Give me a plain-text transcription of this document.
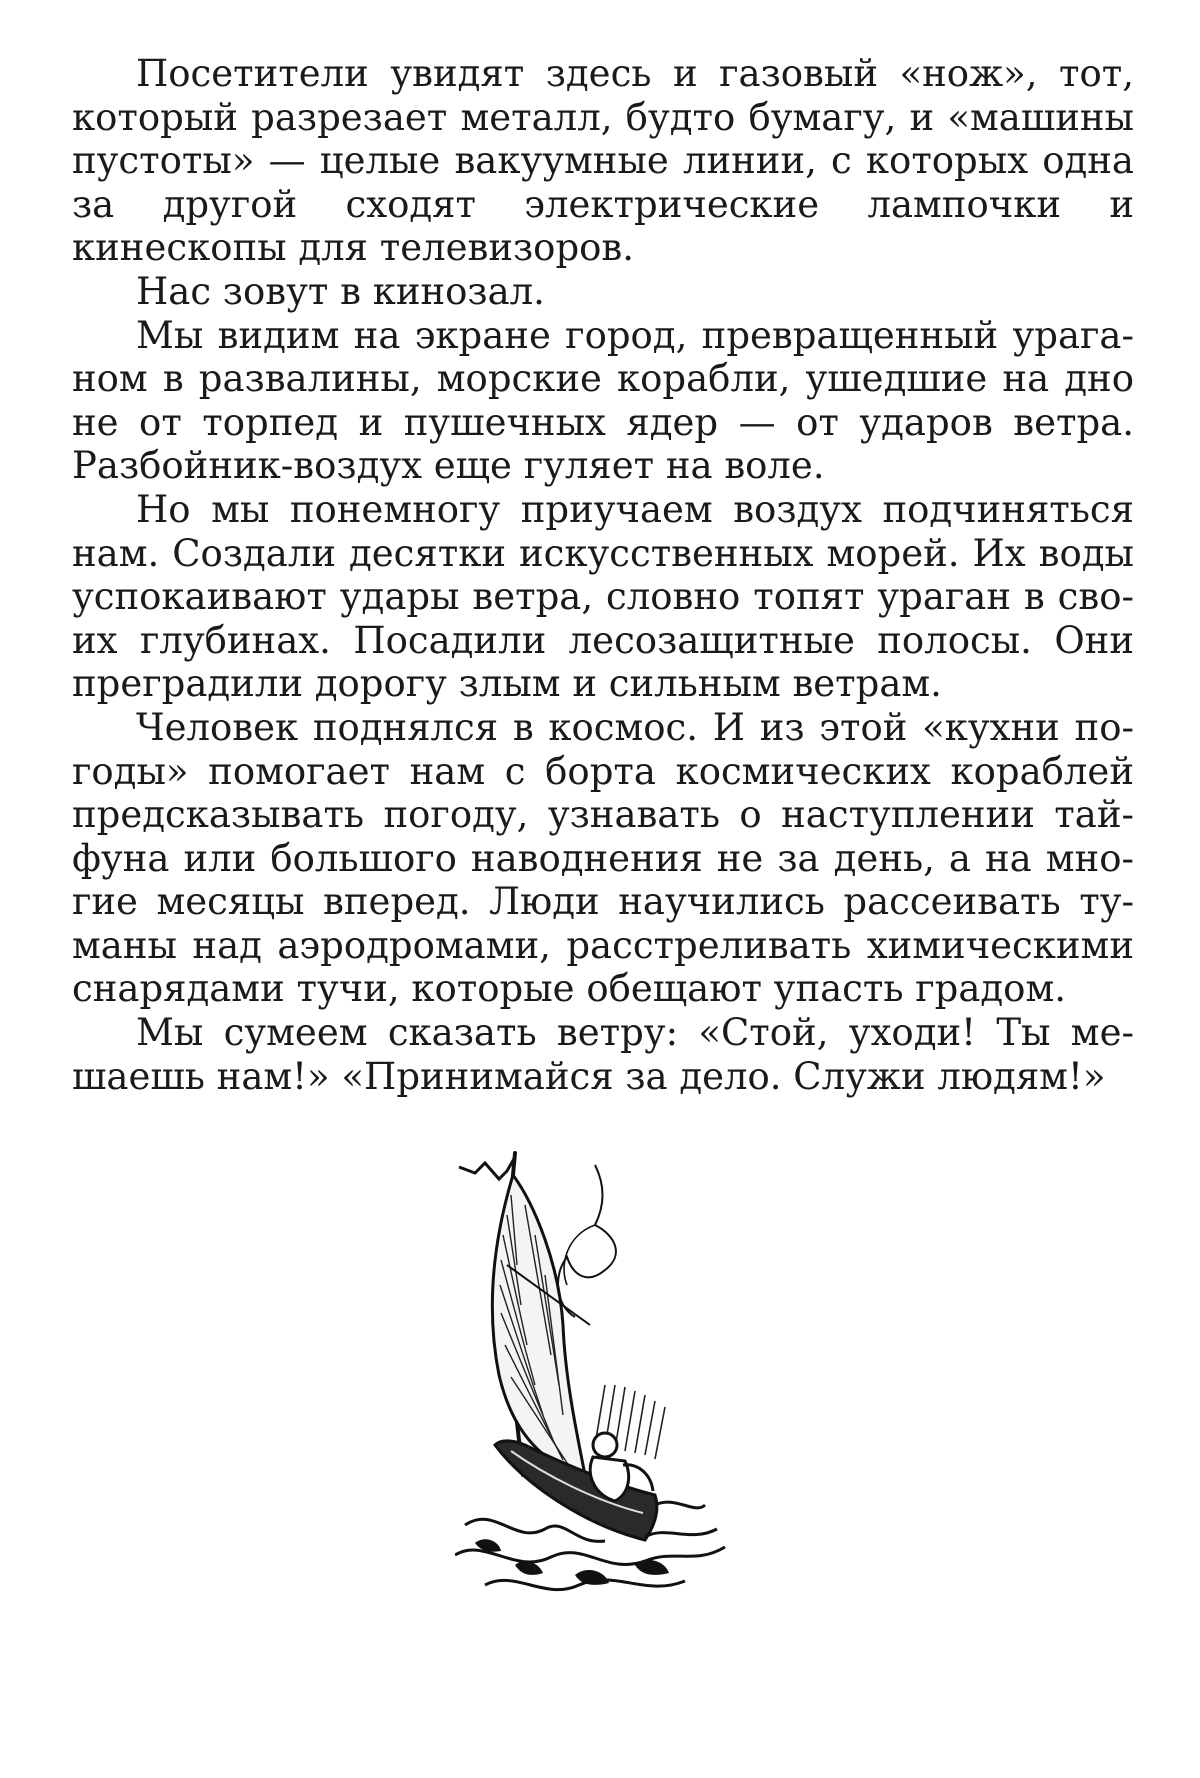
Посетители увидят здесь и газовый «нож», тот, который разрезает металл, будто бумагу, и «машины пустоты» — целые вакуумные линии, с которых одна за другой сходят электрические лампочки и кинескопы для телевизоров.

Нас зовут в кинозал.

Мы видим на экране город, превращенный ураганом в развалины, морские корабли, ушедшие на дно не от торпед и пушечных ядер — от ударов ветра. Разбойник-воздух еще гуляет на воле.

Но мы понемногу приучаем воздух подчиняться нам. Создали десятки искусственных морей. Их воды успокаивают удары ветра, словно топят ураган в своих глубинах. Посадили лесозащитные полосы. Они преградили дорогу злым и сильным ветрам.

Человек поднялся в космос. И из этой «кухни погоды» помогает нам с борта космических кораблей предсказывать погоду, узнавать о наступлении тайфуна или большого наводнения не за день, а на многие месяцы вперед. Люди научились рассеивать туманы над аэродромами, расстреливать химическими снарядами тучи, которые обещают упасть градом.

Мы сумеем сказать ветру: «Стой, уходи! Ты мешаешь нам!» «Принимайся за дело. Служи людям!»
